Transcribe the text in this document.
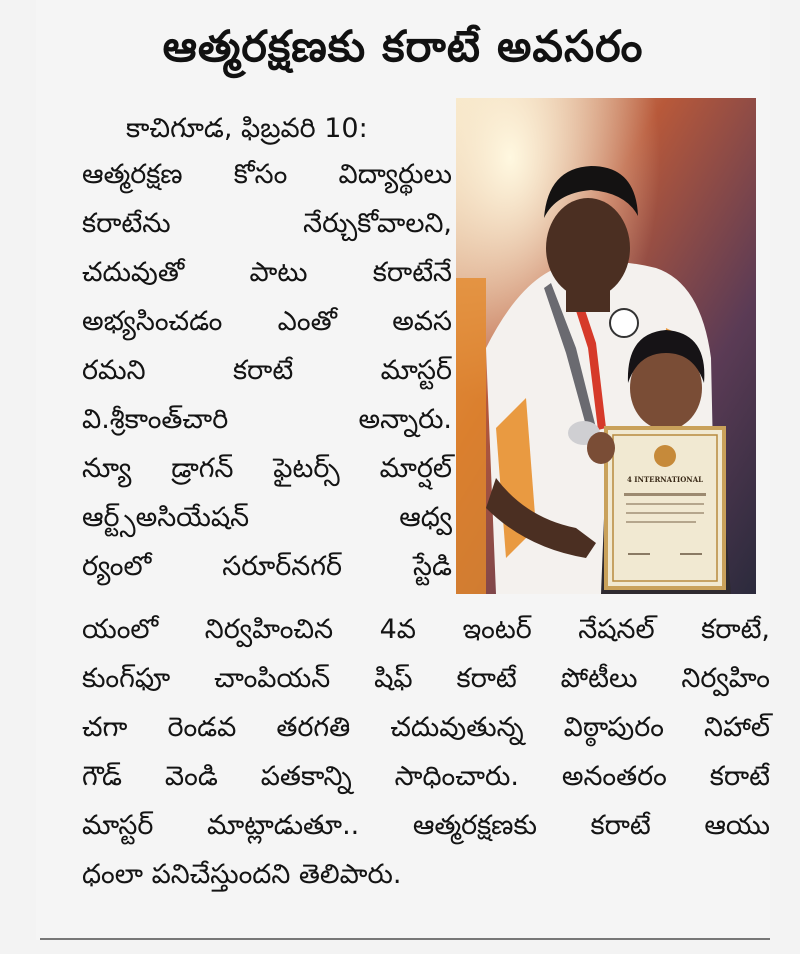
ఆత్మరక్షణకు కరాటే అవసరం
4 INTERNATIONAL
కాచిగూడ, ఫిబ్రవరి 10:
ఆత్మరక్షణ కోసం విద్యార్థులు
కరాటేను నేర్చుకోవాలని,
చదువుతో పాటు కరాటేనే
అభ్యసించడం ఎంతో అవస
రమని కరాటే మాస్టర్
వి.శ్రీకాంత్‌చారి అన్నారు.
న్యూ డ్రాగన్ ఫైటర్స్ మార్షల్
ఆర్ట్స్అసియేషన్ ఆధ్వ
ర్యంలో సరూర్‌నగర్ స్టేడి
యంలో నిర్వహించిన 4వ ఇంటర్ నేషనల్ కరాటే,
కుంగ్‌ఫూ చాంపియన్ షిఫ్ కరాటే పోటీలు నిర్వహిం
చగా రెండవ తరగతి చదువుతున్న విఠ్ఠాపురం నిహాల్
గౌడ్ వెండి పతకాన్ని సాధించారు. అనంతరం కరాటే
మాస్టర్ మాట్లాడుతూ.. ఆత్మరక్షణకు కరాటే ఆయు
ధంలా పనిచేస్తుందని తెలిపారు.
